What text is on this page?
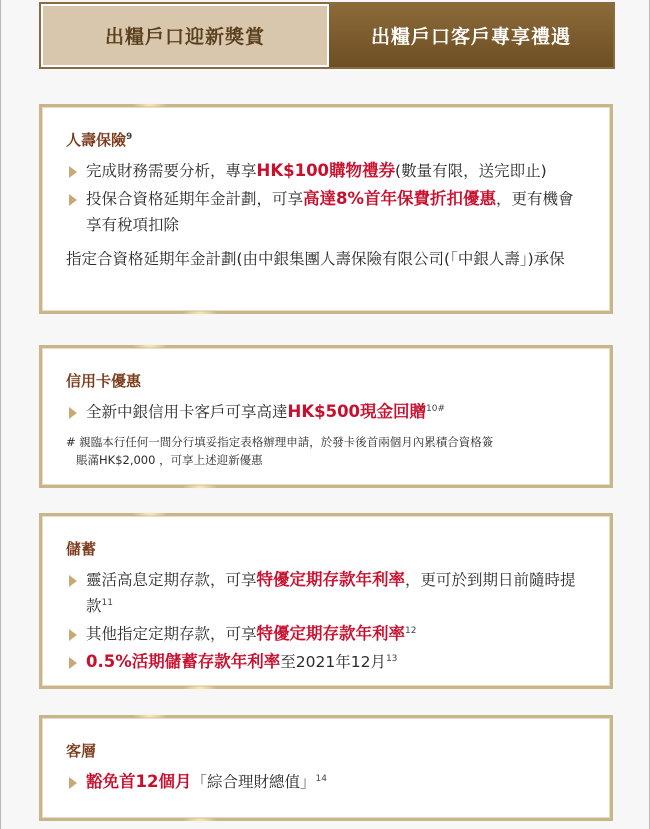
出糧戶口迎新獎賞	出糧戶口客戶專享禮遇
人壽保險$^9$
完成財務需要分析，專享HK$100購物禮券(數量有限，送完即止)
投保合資格延期年金計劃，可享高達8%首年保費折扣優惠，更有機會享有稅項扣除
指定合資格延期年金計劃(由中銀集團人壽保險有限公司(「中銀人壽」)承保
信用卡優惠
全新中銀信用卡客戶可享高達HK$500現金回贈$^{10\#}$
# 親臨本行任何一間分行填妥指定表格辦理申請，於發卡後首兩個月內累積合資格簽
賬滿HK$2,000 ，可享上述迎新優惠
儲蓄
靈活高息定期存款，可享特優定期存款年利率，更可於到期日前隨時提款$^{11}$
其他指定定期存款，可享特優定期存款年利率$^{12}$
0.5%活期儲蓄存款年利率至2021年12月$^{13}$
客層
豁免首12個月「綜合理財總值」$^{14}$
